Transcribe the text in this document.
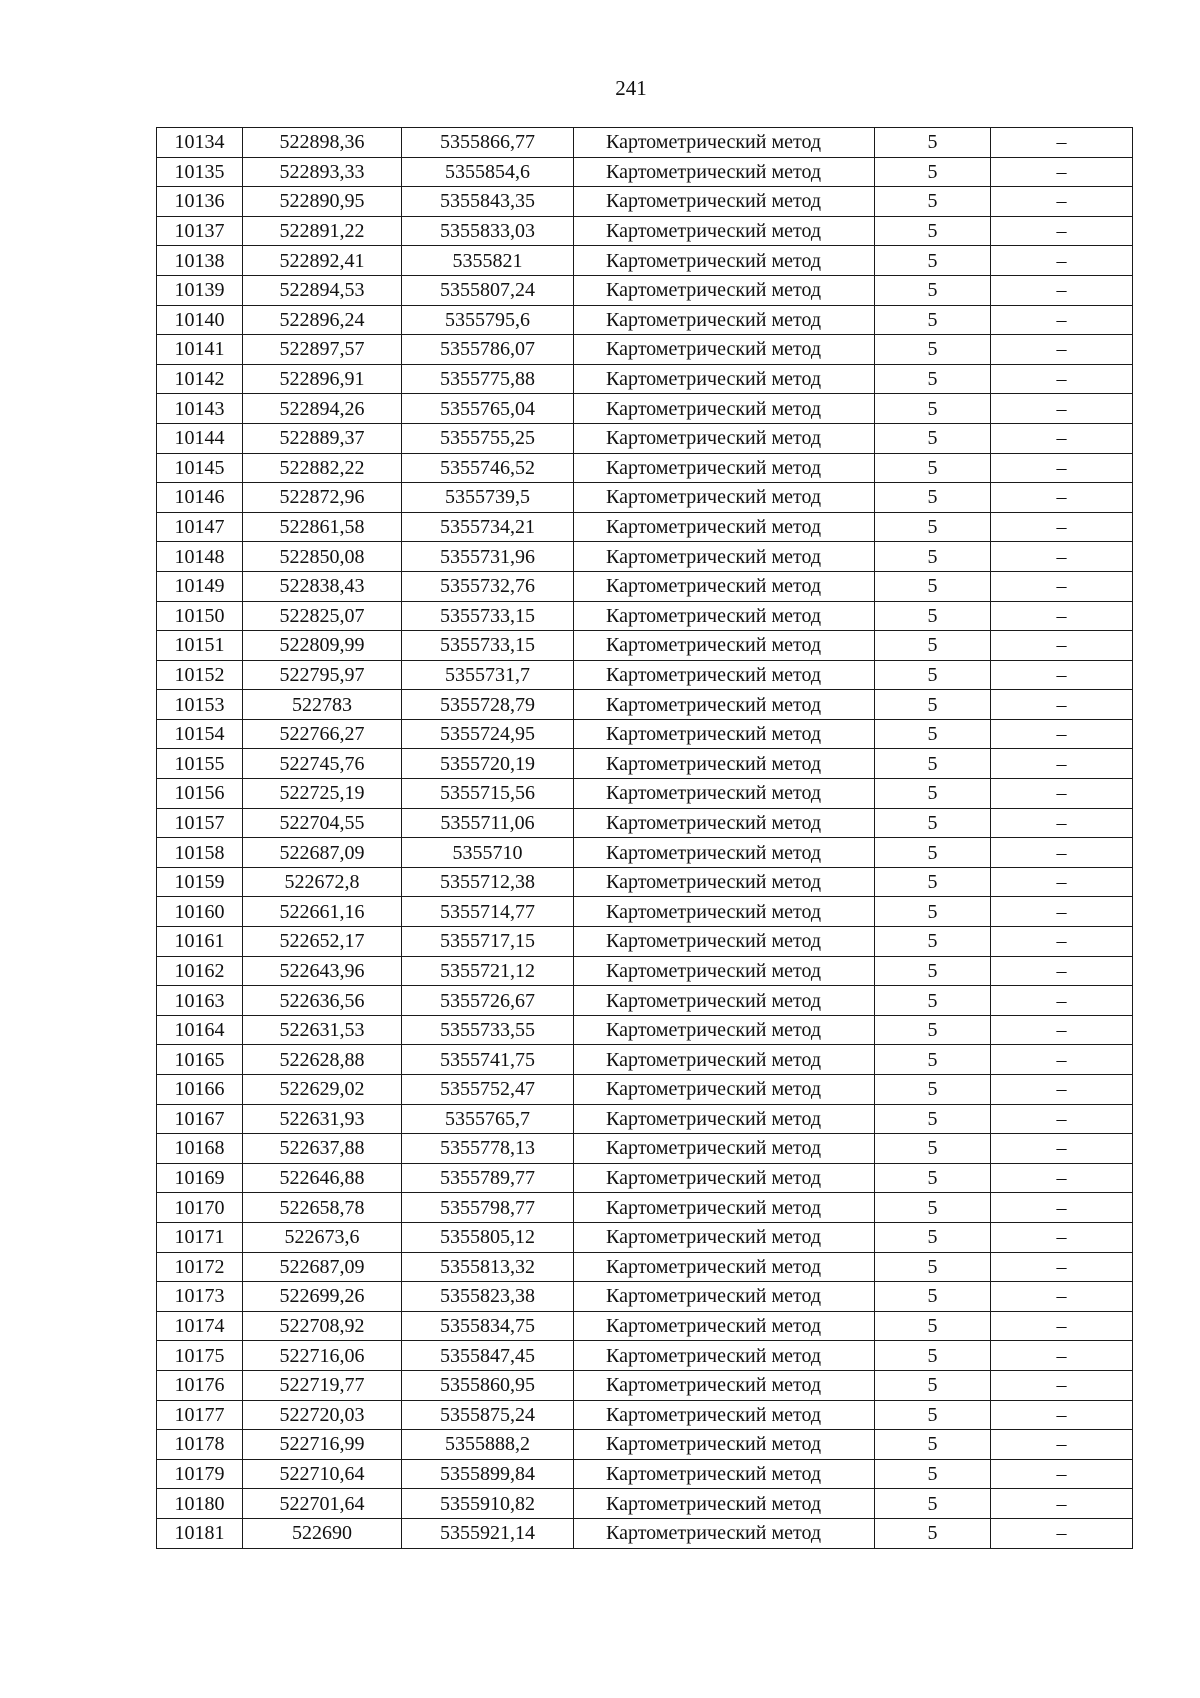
241
10134	522898,36	5355866,77	Картометрический метод	5	–
10135	522893,33	5355854,6	Картометрический метод	5	–
10136	522890,95	5355843,35	Картометрический метод	5	–
10137	522891,22	5355833,03	Картометрический метод	5	–
10138	522892,41	5355821	Картометрический метод	5	–
10139	522894,53	5355807,24	Картометрический метод	5	–
10140	522896,24	5355795,6	Картометрический метод	5	–
10141	522897,57	5355786,07	Картометрический метод	5	–
10142	522896,91	5355775,88	Картометрический метод	5	–
10143	522894,26	5355765,04	Картометрический метод	5	–
10144	522889,37	5355755,25	Картометрический метод	5	–
10145	522882,22	5355746,52	Картометрический метод	5	–
10146	522872,96	5355739,5	Картометрический метод	5	–
10147	522861,58	5355734,21	Картометрический метод	5	–
10148	522850,08	5355731,96	Картометрический метод	5	–
10149	522838,43	5355732,76	Картометрический метод	5	–
10150	522825,07	5355733,15	Картометрический метод	5	–
10151	522809,99	5355733,15	Картометрический метод	5	–
10152	522795,97	5355731,7	Картометрический метод	5	–
10153	522783	5355728,79	Картометрический метод	5	–
10154	522766,27	5355724,95	Картометрический метод	5	–
10155	522745,76	5355720,19	Картометрический метод	5	–
10156	522725,19	5355715,56	Картометрический метод	5	–
10157	522704,55	5355711,06	Картометрический метод	5	–
10158	522687,09	5355710	Картометрический метод	5	–
10159	522672,8	5355712,38	Картометрический метод	5	–
10160	522661,16	5355714,77	Картометрический метод	5	–
10161	522652,17	5355717,15	Картометрический метод	5	–
10162	522643,96	5355721,12	Картометрический метод	5	–
10163	522636,56	5355726,67	Картометрический метод	5	–
10164	522631,53	5355733,55	Картометрический метод	5	–
10165	522628,88	5355741,75	Картометрический метод	5	–
10166	522629,02	5355752,47	Картометрический метод	5	–
10167	522631,93	5355765,7	Картометрический метод	5	–
10168	522637,88	5355778,13	Картометрический метод	5	–
10169	522646,88	5355789,77	Картометрический метод	5	–
10170	522658,78	5355798,77	Картометрический метод	5	–
10171	522673,6	5355805,12	Картометрический метод	5	–
10172	522687,09	5355813,32	Картометрический метод	5	–
10173	522699,26	5355823,38	Картометрический метод	5	–
10174	522708,92	5355834,75	Картометрический метод	5	–
10175	522716,06	5355847,45	Картометрический метод	5	–
10176	522719,77	5355860,95	Картометрический метод	5	–
10177	522720,03	5355875,24	Картометрический метод	5	–
10178	522716,99	5355888,2	Картометрический метод	5	–
10179	522710,64	5355899,84	Картометрический метод	5	–
10180	522701,64	5355910,82	Картометрический метод	5	–
10181	522690	5355921,14	Картометрический метод	5	–
